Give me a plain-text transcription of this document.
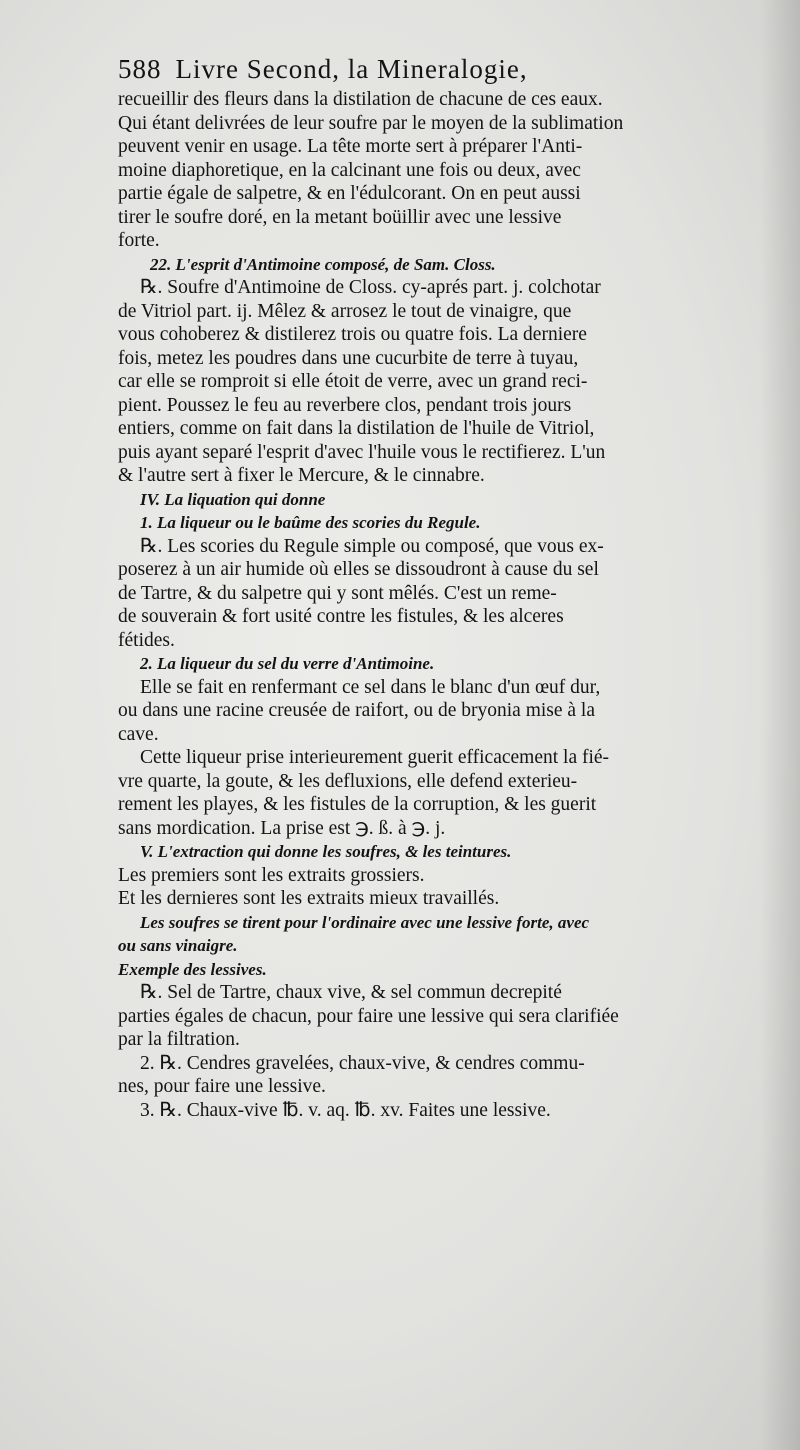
588 Livre Second, la Mineralogie,
recueillir des fleurs dans la distilation de chacune de ces eaux.
Qui étant delivrées de leur soufre par le moyen de la sublimation
peuvent venir en usage. La tête morte sert à préparer l'Anti-
moine diaphoretique, en la calcinant une fois ou deux, avec
partie égale de salpetre, & en l'édulcorant. On en peut aussi
tirer le soufre doré, en la metant boüillir avec une lessive
forte.
22. L'esprit d'Antimoine composé, de Sam. Closs.
℞. Soufre d'Antimoine de Closs. cy-aprés part. j. colchotar
de Vitriol part. ij. Mêlez & arrosez le tout de vinaigre, que
vous cohoberez & distilerez trois ou quatre fois. La derniere
fois, metez les poudres dans une cucurbite de terre à tuyau,
car elle se romproit si elle étoit de verre, avec un grand reci-
pient. Poussez le feu au reverbere clos, pendant trois jours
entiers, comme on fait dans la distilation de l'huile de Vitriol,
puis ayant separé l'esprit d'avec l'huile vous le rectifierez. L'un
& l'autre sert à fixer le Mercure, & le cinnabre.
IV. La liquation qui donne
1. La liqueur ou le baûme des scories du Regule.
℞. Les scories du Regule simple ou composé, que vous ex-
poserez à un air humide où elles se dissoudront à cause du sel
de Tartre, & du salpetre qui y sont mêlés. C'est un reme-
de souverain & fort usité contre les fistules, & les alceres
fétides.
2. La liqueur du sel du verre d'Antimoine.
Elle se fait en renfermant ce sel dans le blanc d'un œuf dur,
ou dans une racine creusée de raifort, ou de bryonia mise à la
cave.
Cette liqueur prise interieurement guerit efficacement la fié-
vre quarte, la goute, & les defluxions, elle defend exterieu-
rement les playes, & les fistules de la corruption, & les guerit
sans mordication. La prise est ℈. ß. à ℈. j.
V. L'extraction qui donne les soufres, & les teintures.
Les premiers sont les extraits grossiers.
Et les dernieres sont les extraits mieux travaillés.
Les soufres se tirent pour l'ordinaire avec une lessive forte, avec
ou sans vinaigre.
Exemple des lessives.
℞. Sel de Tartre, chaux vive, & sel commun decrepité
parties égales de chacun, pour faire une lessive qui sera clarifiée
par la filtration.
2. ℞. Cendres gravelées, chaux-vive, & cendres commu-
nes, pour faire une lessive.
3. ℞. Chaux-vive ℔. v. aq. ℔. xv. Faites une lessive.
